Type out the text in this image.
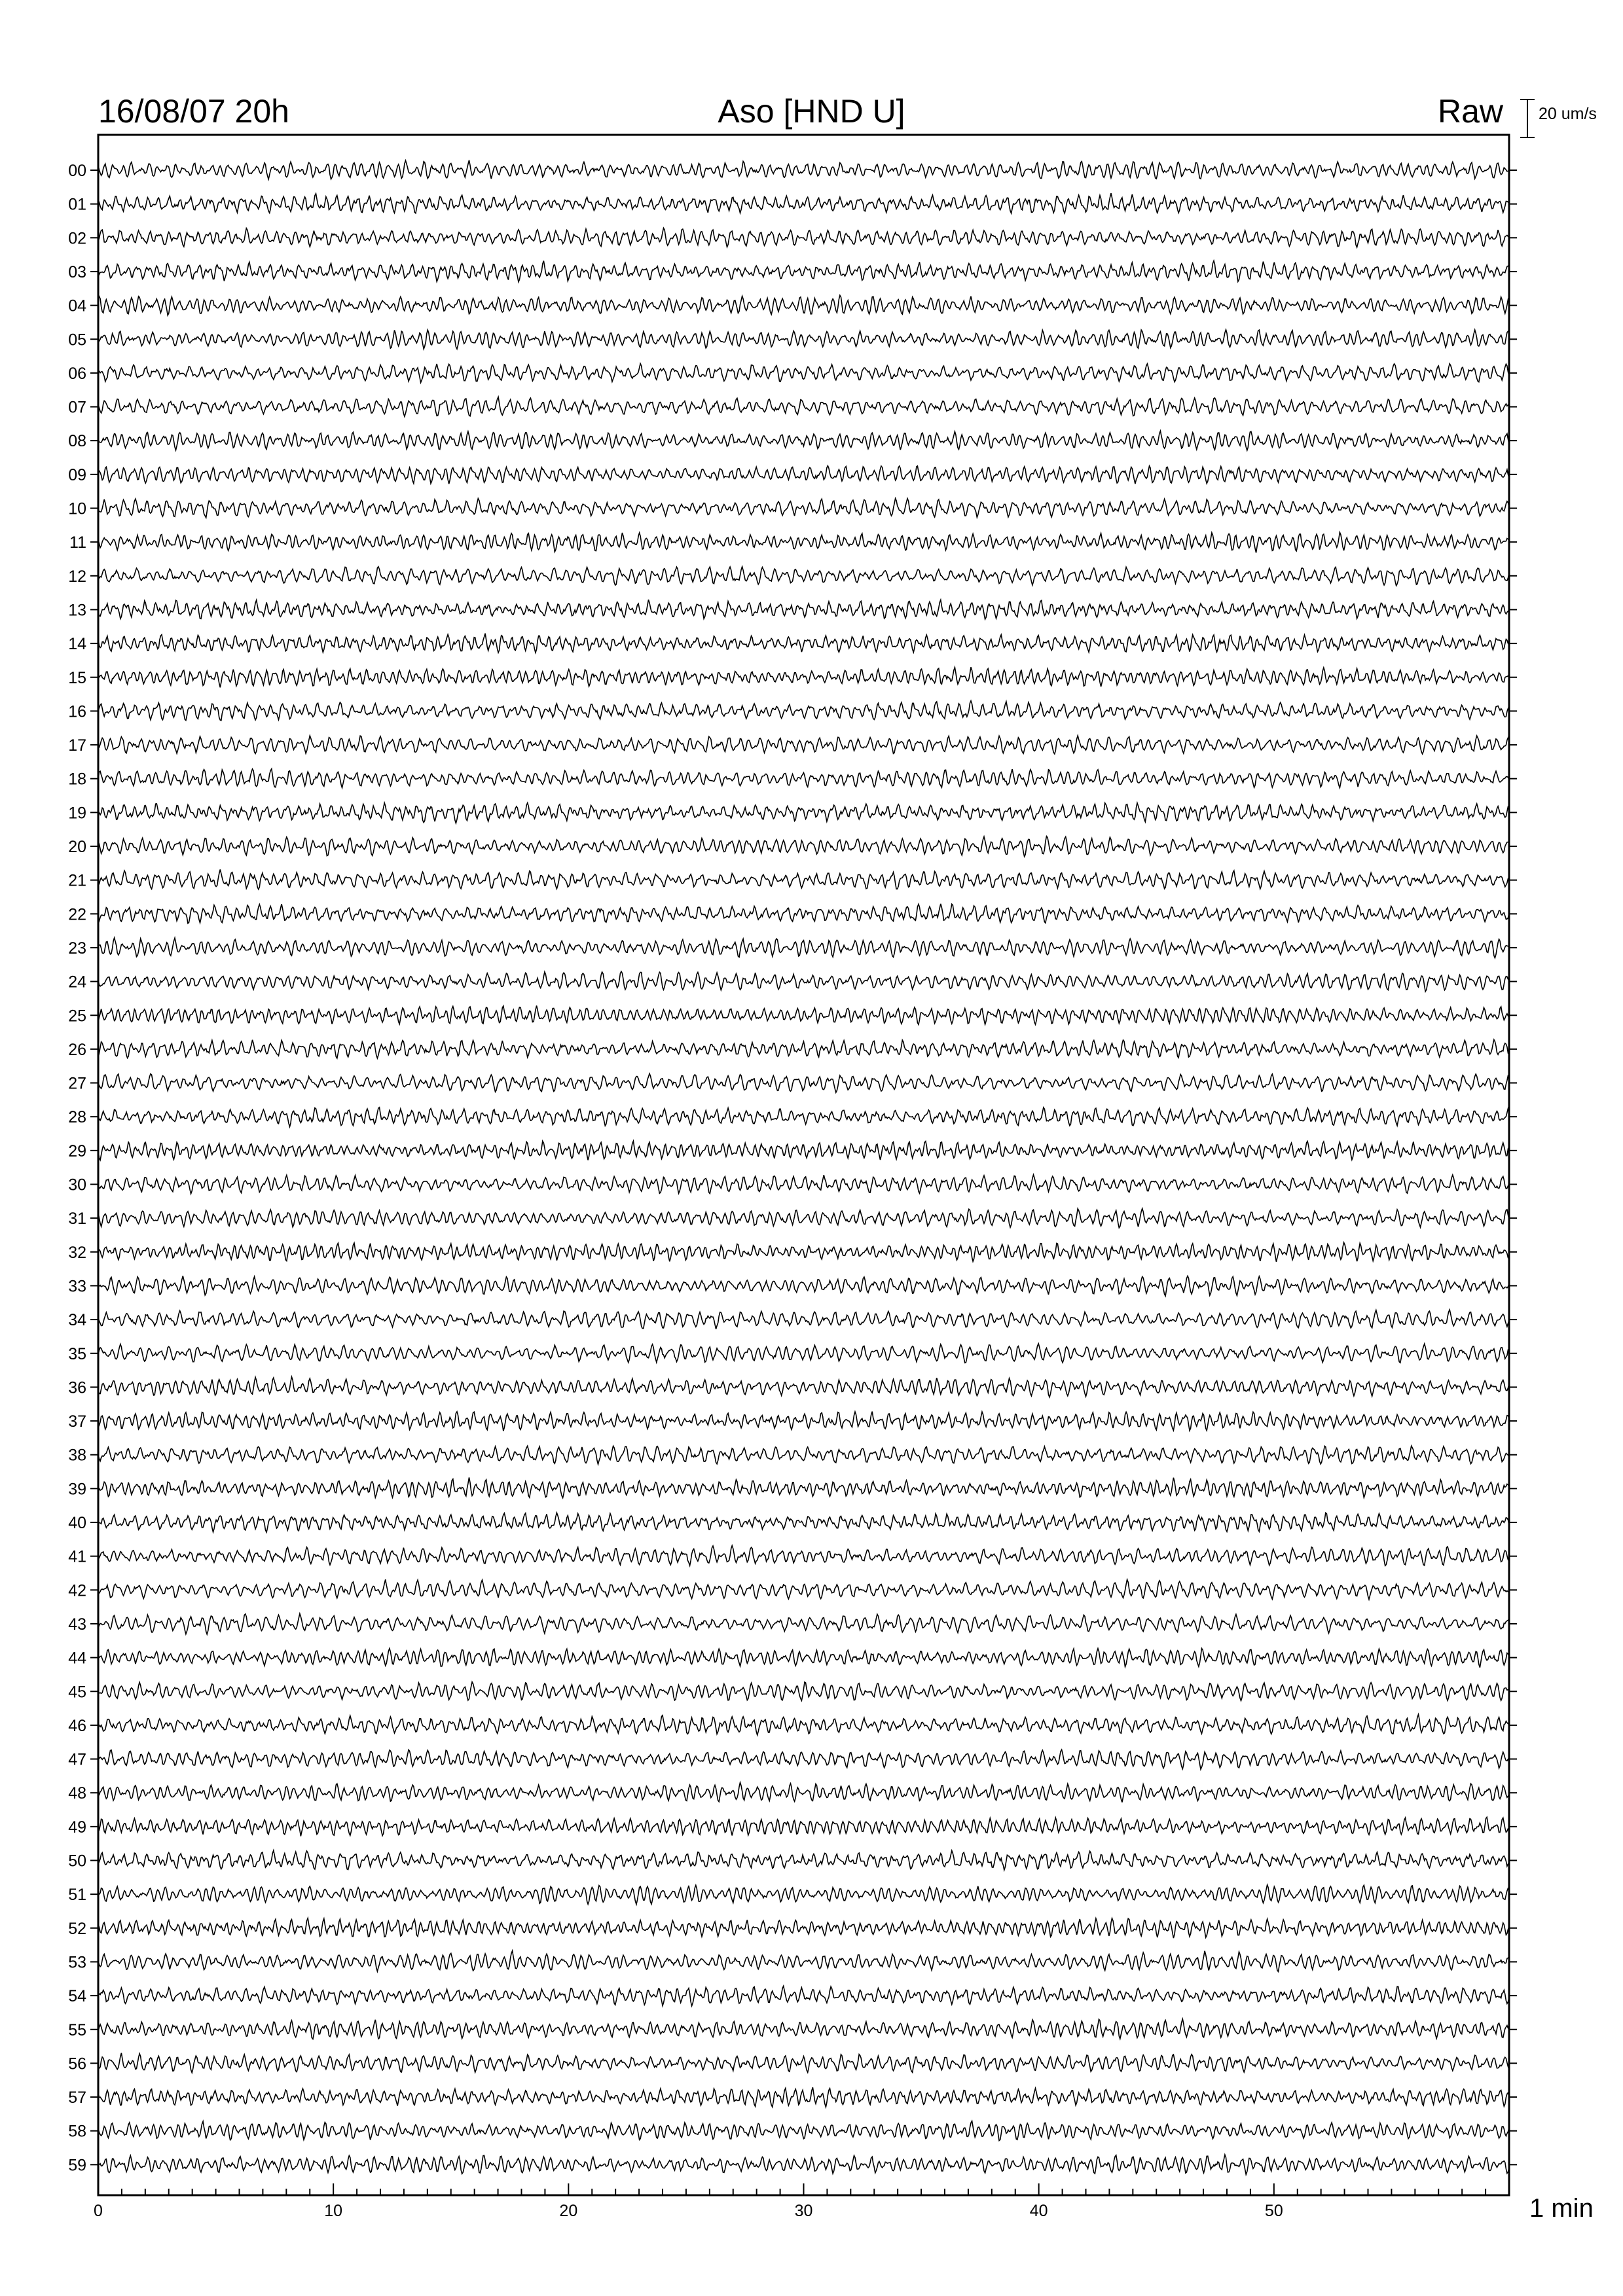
16/08/07 20h	Aso [HND U]	Raw 20 um/s
1 min
00
01
02
03
04
05
06
07
08
09
10
11
12
13
14
15
16
17
18
19
20
21
22
23
24
25
26
27
28
29
30
31
32
33
34
35
36
37
38
39
40
41
42
43
44
45
46
47
48
49
50
51
52
53
54
55
56
57
58
59
0	10	20	30	40	50
